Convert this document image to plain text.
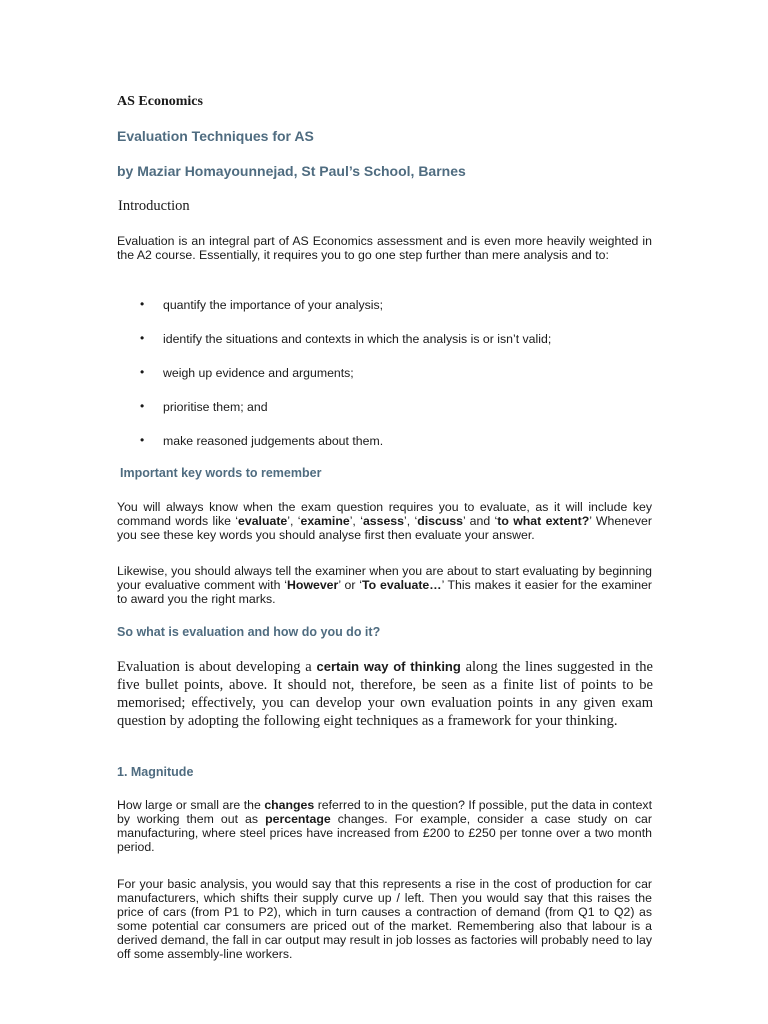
AS Economics
Evaluation Techniques for AS
by Maziar Homayounnejad, St Paul’s School, Barnes
Introduction
Evaluation is an integral part of AS Economics assessment and is even more heavily weighted in the A2 course. Essentially, it requires you to go one step further than mere analysis and to:
• quantify the importance of your analysis;
• identify the situations and contexts in which the analysis is or isn’t valid;
• weigh up evidence and arguments;
• prioritise them; and
• make reasoned judgements about them.
Important key words to remember
You will always know when the exam question requires you to evaluate, as it will include key command words like ‘evaluate’, ‘examine’, ‘assess’, ‘discuss’ and ‘to what extent?’ Whenever you see these key words you should analyse first then evaluate your answer.
Likewise, you should always tell the examiner when you are about to start evaluating by beginning your evaluative comment with ‘However’ or ‘To evaluate…’ This makes it easier for the examiner to award you the right marks.
So what is evaluation and how do you do it?
Evaluation is about developing a certain way of thinking along the lines suggested in the five bullet points, above. It should not, therefore, be seen as a finite list of points to be memorised; effectively, you can develop your own evaluation points in any given exam question by adopting the following eight techniques as a framework for your thinking.
1. Magnitude
How large or small are the changes referred to in the question? If possible, put the data in context by working them out as percentage changes. For example, consider a case study on car manufacturing, where steel prices have increased from £200 to £250 per tonne over a two month period.
For your basic analysis, you would say that this represents a rise in the cost of production for car manufacturers, which shifts their supply curve up / left. Then you would say that this raises the price of cars (from P1 to P2), which in turn causes a contraction of demand (from Q1 to Q2) as some potential car consumers are priced out of the market. Remembering also that labour is a derived demand, the fall in car output may result in job losses as factories will probably need to lay off some assembly-line workers.
